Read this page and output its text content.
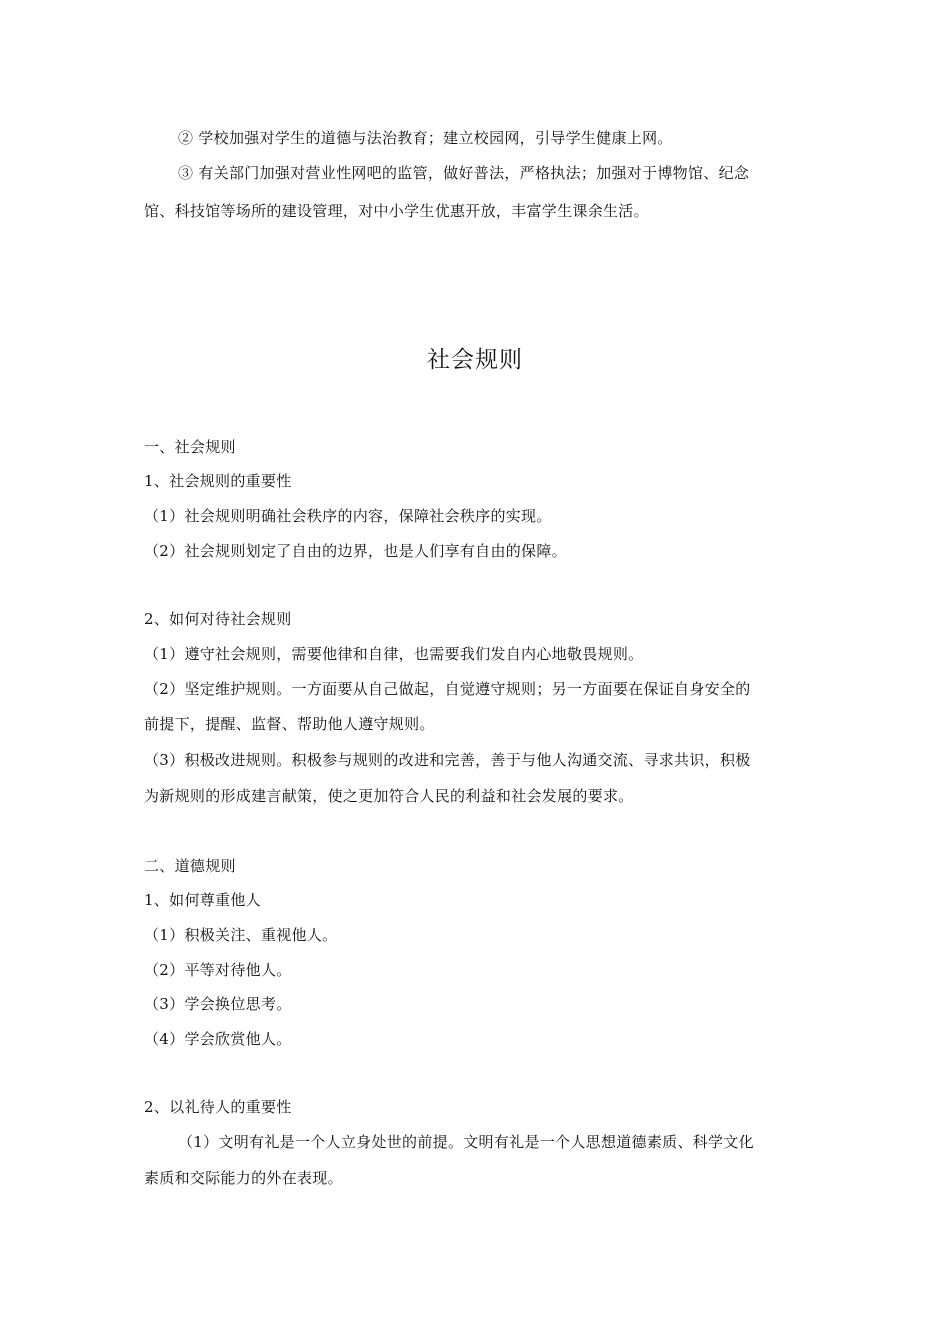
② 学校加强对学生的道德与法治教育；建立校园网，引导学生健康上网。
③ 有关部门加强对营业性网吧的监管，做好普法，严格执法；加强对于博物馆、纪念
馆、科技馆等场所的建设管理，对中小学生优惠开放，丰富学生课余生活。
社会规则
一、社会规则
1、社会规则的重要性
（1）社会规则明确社会秩序的内容，保障社会秩序的实现。
（2）社会规则划定了自由的边界，也是人们享有自由的保障。
2、如何对待社会规则
（1）遵守社会规则，需要他律和自律，也需要我们发自内心地敬畏规则。
（2）坚定维护规则。一方面要从自己做起，自觉遵守规则；另一方面要在保证自身安全的
前提下，提醒、监督、帮助他人遵守规则。
（3）积极改进规则。积极参与规则的改进和完善，善于与他人沟通交流、寻求共识，积极
为新规则的形成建言献策，使之更加符合人民的利益和社会发展的要求。
二、道德规则
1、如何尊重他人
（1）积极关注、重视他人。
（2）平等对待他人。
（3）学会换位思考。
（4）学会欣赏他人。
2、以礼待人的重要性
（1）文明有礼是一个人立身处世的前提。文明有礼是一个人思想道德素质、科学文化
素质和交际能力的外在表现。
